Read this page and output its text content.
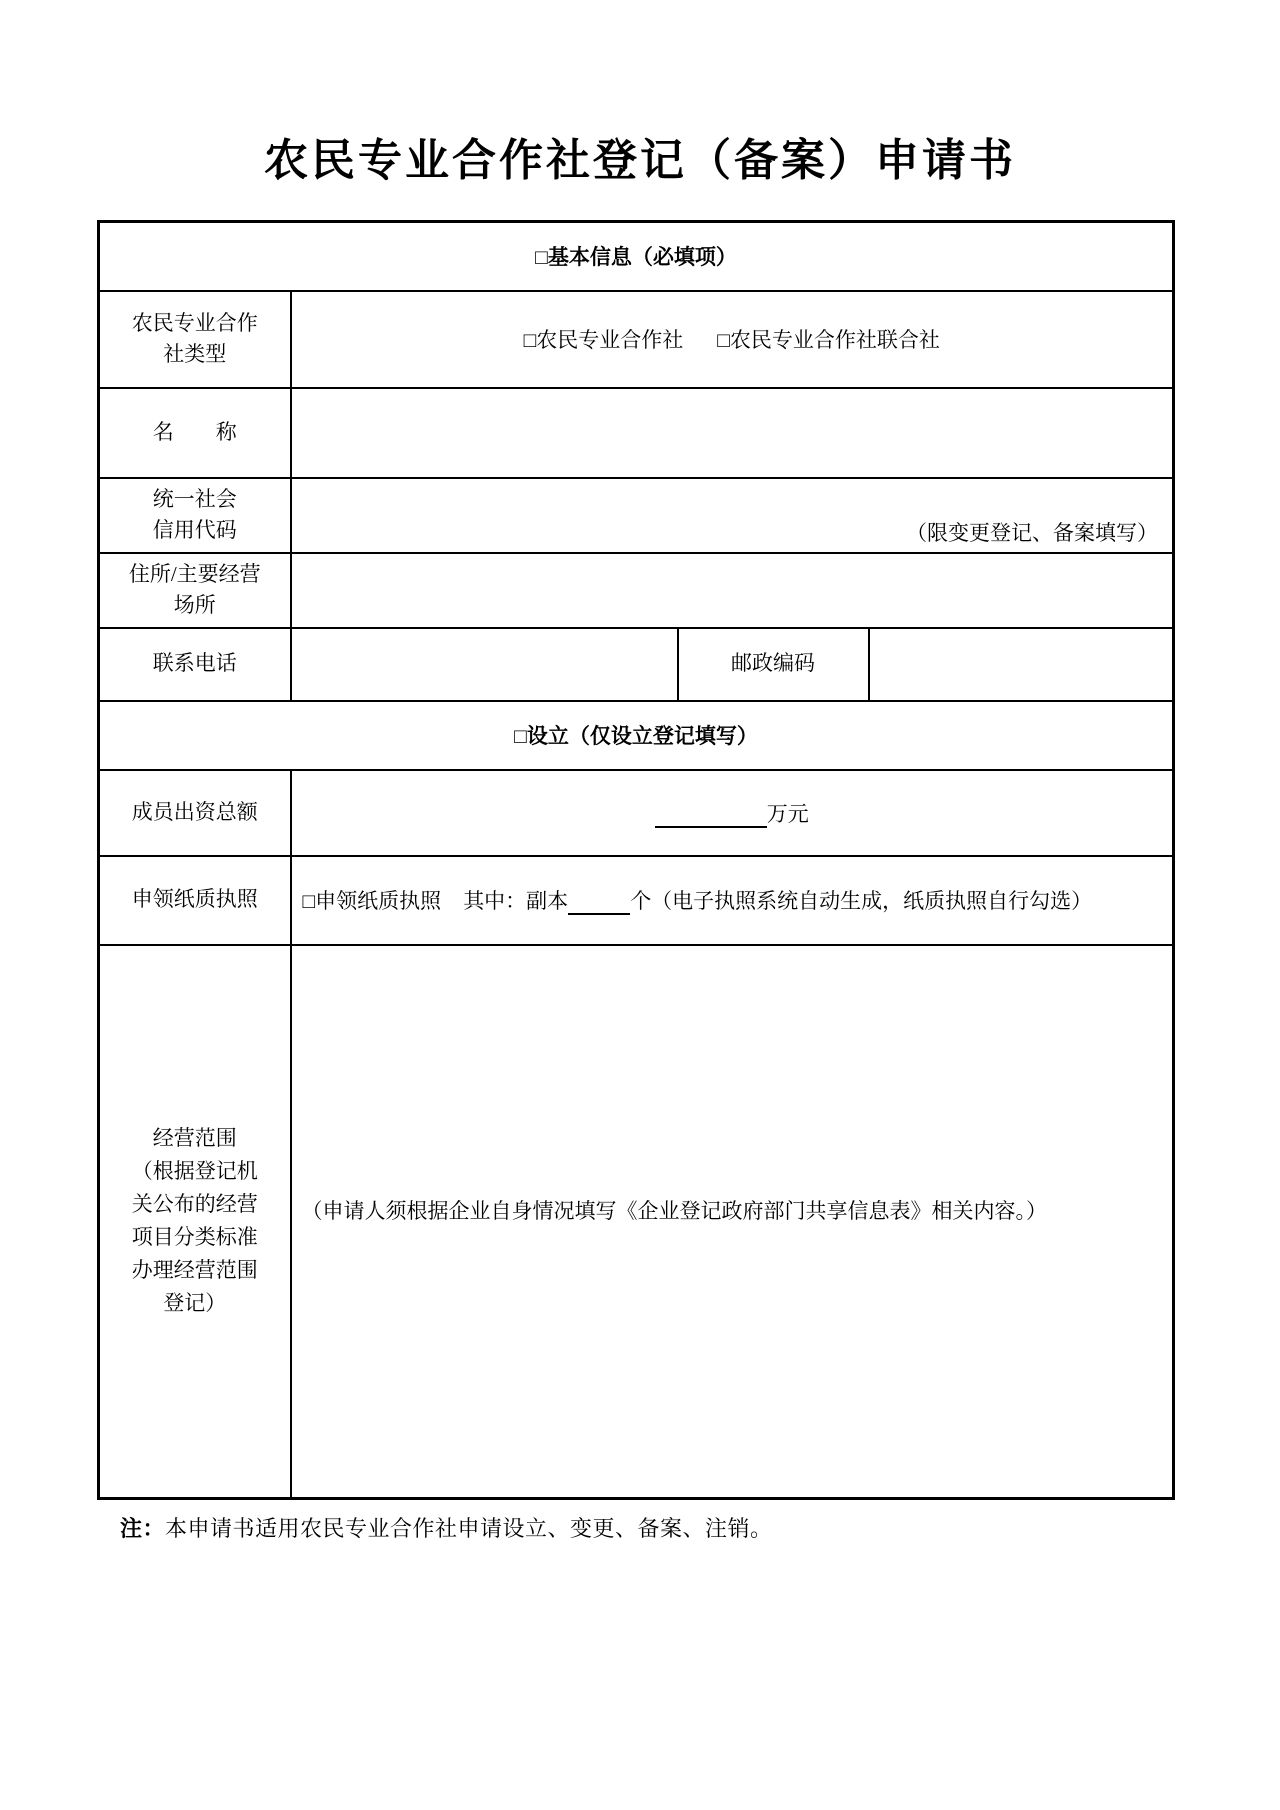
农民专业合作社登记（备案）申请书
□基本信息（必填项）			

农民专业合作
社类型	□农民专业合作社 □农民专业合作社联合社		
名　　称			

统一社会
信用代码	（限变更登记、备案填写）		

住所/主要经营
场所			

联系电话		邮政编码	
□设立（仅设立登记填写）			
成员出资总额	万元		
申领纸质执照	□申领纸质执照 其中：副本 个（电子执照系统自动生成，纸质执照自行勾选）		

经营范围
（根据登记机
关公布的经营
项目分类标准
办理经营范围
登记）
	（申请人须根据企业自身情况填写《企业登记政府部门共享信息表》相关内容。）
注：本申请书适用农民专业合作社申请设立、变更、备案、注销。
